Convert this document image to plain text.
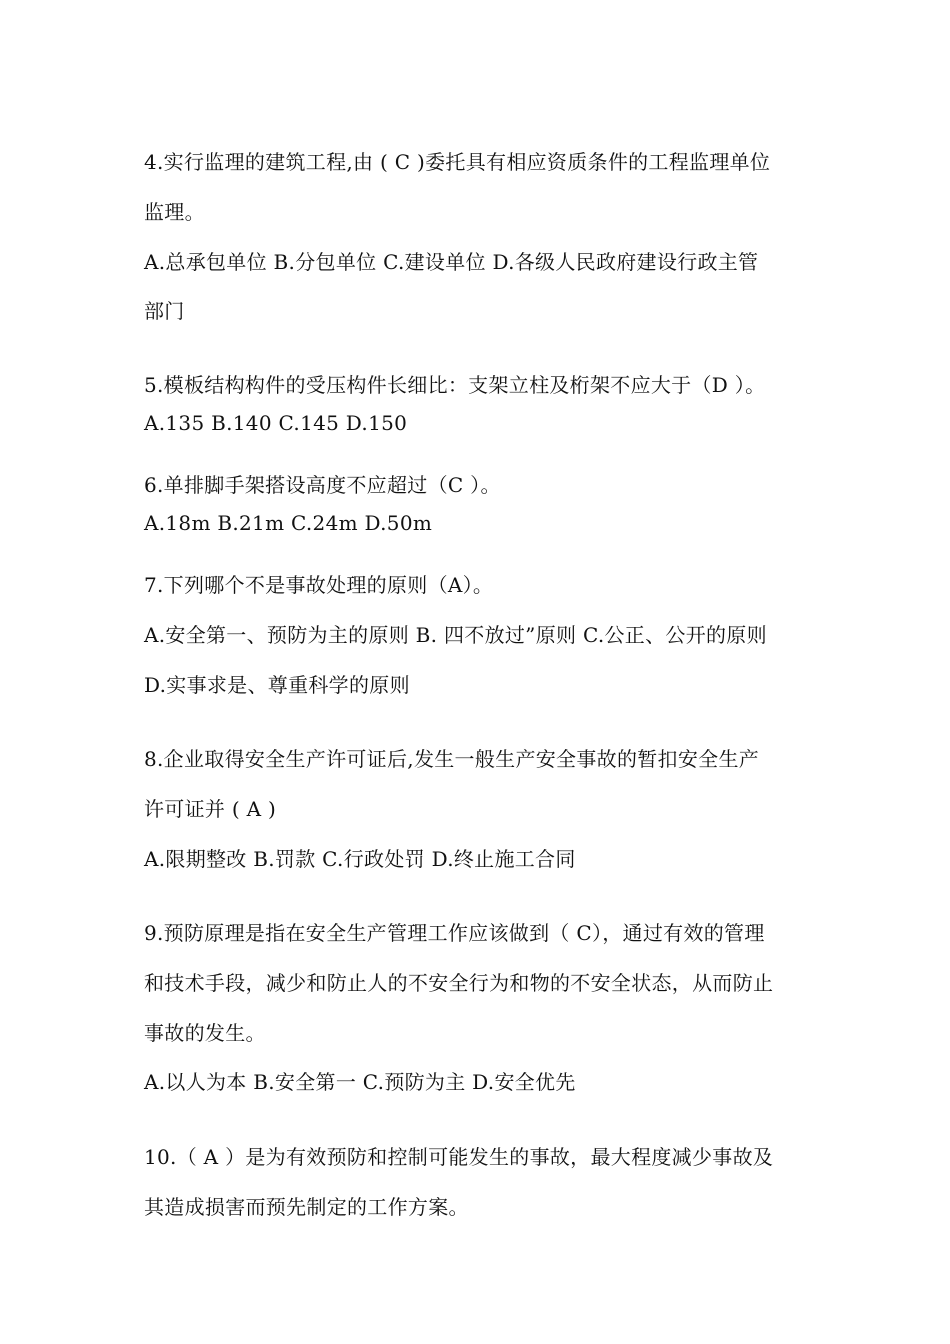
4.实行监理的建筑工程,由 ( C )委托具有相应资质条件的工程监理单位
监理。
A.总承包单位 B.分包单位 C.建设单位 D.各级人民政府建设行政主管
部门
5.模板结构构件的受压构件长细比：支架立柱及桁架不应大于（D ）。
A.135 B.140 C.145 D.150
6.单排脚手架搭设高度不应超过（C ）。
A.18m B.21m C.24m D.50m
7.下列哪个不是事故处理的原则（A）。
A.安全第一、预防为主的原则 B. 四不放过”原则 C.公正、公开的原则
D.实事求是、尊重科学的原则
8.企业取得安全生产许可证后,发生一般生产安全事故的暂扣安全生产
许可证并 ( A )
A.限期整改 B.罚款 C.行政处罚 D.终止施工合同
9.预防原理是指在安全生产管理工作应该做到（ C），通过有效的管理
和技术手段，减少和防止人的不安全行为和物的不安全状态，从而防止
事故的发生。
A.以人为本 B.安全第一 C.预防为主 D.安全优先
10.（ A ）是为有效预防和控制可能发生的事故，最大程度减少事故及
其造成损害而预先制定的工作方案。
